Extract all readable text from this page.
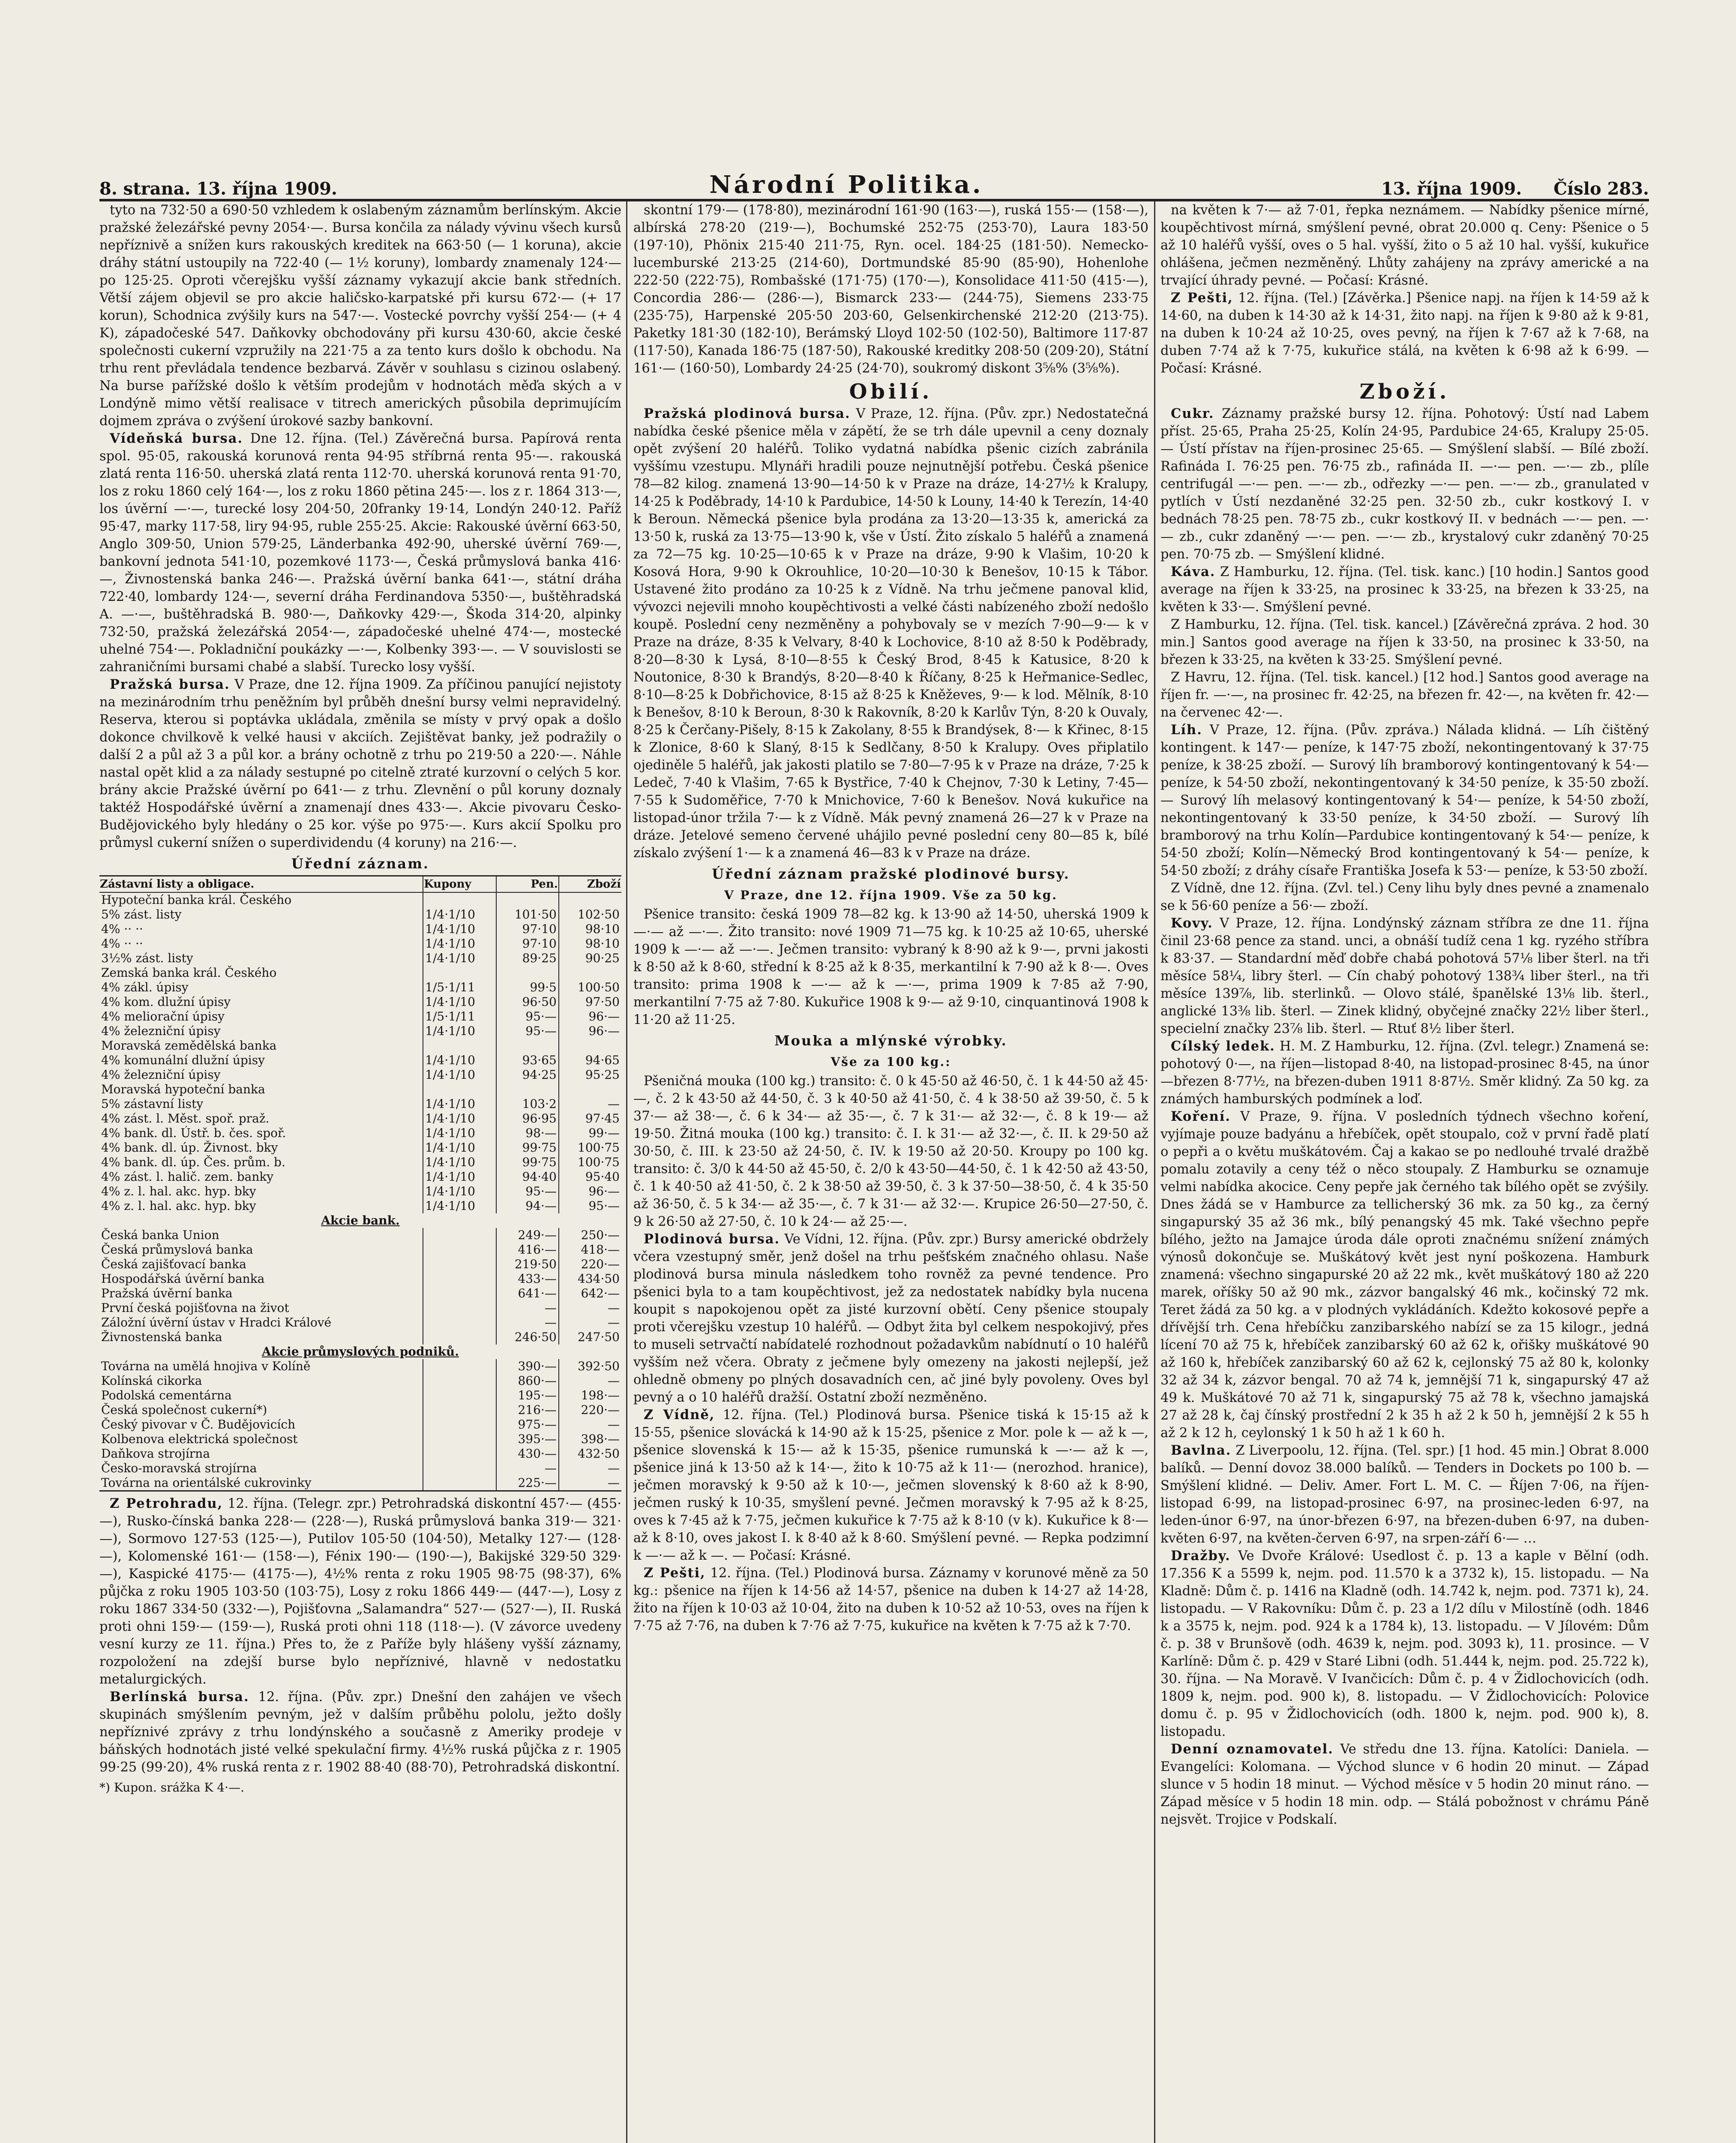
8. strana. 13. října 1909.	Národní Politika.	13. října 1909. Číslo 283.

tyto na 732·50 a 690·50 vzhledem k oslabeným záznamům berlínským. Akcie pražské železářské pevny 2054·—. Bursa končila za nálady vývinu všech kursů nepříznivě a snížen kurs rakouských kreditek na 663·50 (— 1 koruna), akcie dráhy státní ustoupily na 722·40 (— 1½ koruny), lombardy znamenaly 124·— po 125·25. Oproti včerejšku vyšší záznamy vykazují akcie bank středních. Větší zájem objevil se pro akcie haličsko-karpatské při kursu 672·— (+ 17 korun), Schodnica zvýšily kurs na 547·—. Vostecké povrchy vyšší 254·— (+ 4 K), západočeské 547. Daňkovky obchodovány při kursu 430·60, akcie české společnosti cukerní vzpružily na 221·75 a za tento kurs došlo k obchodu. Na trhu rent převládala tendence bezbarvá. Závěr v souhlasu s cizinou oslabený. Na burse pařížské došlo k větším prodejům v hodnotách měďa ských a v Londýně mimo větší realisace v titrech amerických působila deprimujícím dojmem zpráva o zvýšení úrokové sazby bankovní.

Vídeňská bursa. Dne 12. října. (Tel.) Závěrečná bursa. Papírová renta spol. 95·05, rakouská korunová renta 94·95 stříbrná renta 95·—. rakouská zlatá renta 116·50. uherská zlatá renta 112·70. uherská korunová renta 91·70, los z roku 1860 celý 164·—, los z roku 1860 pětina 245·—. los z r. 1864 313·—, los úvěrní —·—, turecké losy 204·50, 20franky 19·14, Londýn 240·12. Paříž 95·47, marky 117·58, liry 94·95, ruble 255·25. Akcie: Rakouské úvěrní 663·50, Anglo 309·50, Union 579·25, Länderbanka 492·90, uherské úvěrní 769·—, bankovní jednota 541·10, pozemkové 1173·—, Česká průmyslová banka 416·—, Živnostenská banka 246·—. Pražská úvěrní banka 641·—, státní dráha 722·40, lombardy 124·—, severní dráha Ferdinandova 5350·—, buštěhradská A. —·—, buštěhradská B. 980·—, Daňkovky 429·—, Škoda 314·20, alpinky 732·50, pražská železářská 2054·—, západočeské uhelné 474·—, mostecké uhelné 754·—. Pokladniční poukázky —·—, Kolbenky 393·—. — V souvislosti se zahraničními bursami chabé a slabší. Turecko losy vyšší.

Pražská bursa. V Praze, dne 12. října 1909. Za příčinou panující nejistoty na mezinárodním trhu peněžním byl průběh dnešní bursy velmi nepravidelný. Reserva, kterou si poptávka ukládala, změnila se místy v prvý opak a došlo dokonce chvilkově k velké hausi v akciích. Zejištěvat banky, jež podražily o další 2 a půl až 3 a půl kor. a brány ochotně z trhu po 219·50 a 220·—. Náhle nastal opět klid a za nálady sestupné po citelně ztraté kurzovní o celých 5 kor. brány akcie Pražské úvěrní po 641·— z trhu. Zlevnění o půl koruny doznaly taktéž Hospodářské úvěrní a znamenají dnes 433·—. Akcie pivovaru Česko-Budějovického byly hledány o 25 kor. výše po 975·—. Kurs akcií Spolku pro průmysl cukerní snížen o superdividendu (4 koruny) na 216·—.

Úřední záznam.
Zástavní listy a obligace.	Kupony	Pen.	Zboží
Hypoteční banka král. Českého			
5% zást. listy	1/4·1/10	101·50	102·50
4% ·· ··	1/4·1/10	97·10	98·10
4% ·· ··	1/4·1/10	97·10	98·10
3½% zást. listy	1/4·1/10	89·25	90·25
Zemská banka král. Českého			
4% zákl. úpisy	1/5·1/11	99·5	100·50
4% kom. dlužní úpisy	1/4·1/10	96·50	97·50
4% meliorační úpisy	1/5·1/11	95·—	96·—
4% železniční úpisy	1/4·1/10	95·—	96·—
Moravská zemědělská banka			
4% komunální dlužní úpisy	1/4·1/10	93·65	94·65
4% železniční úpisy	1/4·1/10	94·25	95·25
Moravská hypoteční banka			
5% zástavní listy	1/4·1/10	103·2	—
4% zást. l. Měst. spoř. praž.	1/4·1/10	96·95	97·45
4% bank. dl. Ústř. b. čes. spoř.	1/4·1/10	98·—	99·—
4% bank. dl. úp. Živnost. bky	1/4·1/10	99·75	100·75
4% bank. dl. úp. Čes. prům. b.	1/4·1/10	99·75	100·75
4% zást. l. halič. zem. banky	1/4·1/10	94·40	95·40
4% z. l. hal. akc. hyp. bky	1/4·1/10	95·—	96·—
4% z. l. hal. akc. hyp. bky	1/4·1/10	94·—	95·—
Akcie bank.			
Česká banka Union		249·—	250·—
Česká průmyslová banka		416·—	418·—
Česká zajišťovací banka		219·50	220·—
Hospodářská úvěrní banka		433·—	434·50
Pražská úvěrní banka		641·—	642·—
První česká pojišťovna na život		—	—
Záložní úvěrní ústav v Hradci Králové		—	—
Živnostenská banka		246·50	247·50
Akcie průmyslových podniků.			
Továrna na umělá hnojiva v Kolíně		390·—	392·50
Kolínská cikorka		860·—	—
Podolská cementárna		195·—	198·—
Česká společnost cukerní*)		216·—	220·—
Český pivovar v Č. Budějovicích		975·—	—
Kolbenova elektrická společnost		395·—	398·—
Daňkova strojírna		430·—	432·50
Česko-moravská strojírna		—	—
Továrna na orientálské cukrovinky		225·—	—

Z Petrohradu, 12. října. (Telegr. zpr.) Petrohradská diskontní 457·— (455·—), Rusko-čínská banka 228·— (228·—), Ruská průmyslová banka 319·— 321·—), Sormovo 127·53 (125·—), Putilov 105·50 (104·50), Metalky 127·— (128·—), Kolomenské 161·— (158·—), Fénix 190·— (190·—), Bakijské 329·50 329·—), Kaspické 4175·— (4175·—), 4½% renta z roku 1905 98·75 (98·37), 6% půjčka z roku 1905 103·50 (103·75), Losy z roku 1866 449·— (447·—), Losy z roku 1867 334·50 (332·—), Pojišťovna „Salamandra“ 527·— (527·—), II. Ruská proti ohni 159·— (159·—), Ruská proti ohni 118 (118·—). (V závorce uvedeny vesní kurzy ze 11. října.) Přes to, že z Paříže byly hlášeny vyšší záznamy, rozpoložení na zdejší burse bylo nepříznivé, hlavně v nedostatku metalurgických.

Berlínská bursa. 12. října. (Pův. zpr.) Dnešní den zahájen ve všech skupinách smýšlením pevným, jež v dalším průběhu pololu, ježto došly nepříznivé zprávy z trhu londýnského a současně z Ameriky prodeje v báňských hodnotách jisté velké spekulační firmy. 4½% ruská půjčka z r. 1905 99·25 (99·20), 4% ruská renta z r. 1902 88·40 (88·70), Petrohradská diskontní.

*) Kupon. srážka K 4·—.

skontní 179·— (178·80), mezinárodní 161·90 (163·—), ruská 155·— (158·—), albírská 278·20 (219·—), Bochumské 252·75 (253·70), Laura 183·50 (197·10), Phönix 215·40 211·75, Ryn. ocel. 184·25 (181·50). Nemecko-lucemburské 213·25 (214·60), Dortmundské 85·90 (85·90), Hohenlohe 222·50 (222·75), Rombašské (171·75) (170·—), Konsolidace 411·50 (415·—), Concordia 286·— (286·—), Bismarck 233·— (244·75), Siemens 233·75 (235·75), Harpenské 205·50 203·60, Gelsenkirchenské 212·20 (213·75). Paketky 181·30 (182·10), Berámský Lloyd 102·50 (102·50), Baltimore 117·87 (117·50), Kanada 186·75 (187·50), Rakouské kreditky 208·50 (209·20), Státní 161·— (160·50), Lombardy 24·25 (24·70), soukromý diskont 3⅝% (3⅝%).

Obilí.

Pražská plodinová bursa. V Praze, 12. října. (Pův. zpr.) Nedostatečná nabídka české pšenice měla v zápětí, že se trh dále upevnil a ceny doznaly opět zvýšení 20 haléřů. Toliko vydatná nabídka pšenic cizích zabránila vyššímu vzestupu. Mlynáři hradili pouze nejnutnější potřebu. Česká pšenice 78—82 kilog. znamená 13·90—14·50 k v Praze na dráze, 14·27½ k Kralupy, 14·25 k Poděbrady, 14·10 k Pardubice, 14·50 k Louny, 14·40 k Terezín, 14·40 k Beroun. Německá pšenice byla prodána za 13·20—13·35 k, americká za 13·50 k, ruská za 13·75—13·90 k, vše v Ústí. Žito získalo 5 haléřů a znamená za 72—75 kg. 10·25—10·65 k v Praze na dráze, 9·90 k Vlašim, 10·20 k Kosová Hora, 9·90 k Okrouhlice, 10·20—10·30 k Benešov, 10·15 k Tábor. Ustavené žito prodáno za 10·25 k z Vídně. Na trhu ječmene panoval klid, vývozci nejevili mnoho koupěchtivosti a velké části nabízeného zboží nedošlo koupě. Poslední ceny nezměněny a pohybovaly se v mezích 7·90—9·— k v Praze na dráze, 8·35 k Velvary, 8·40 k Lochovice, 8·10 až 8·50 k Poděbrady, 8·20—8·30 k Lysá, 8·10—8·55 k Český Brod, 8·45 k Katusice, 8·20 k Noutonice, 8·30 k Brandýs, 8·20—8·40 k Říčany, 8·25 k Heřmanice-Sedlec, 8·10—8·25 k Dobřichovice, 8·15 až 8·25 k Kněževes, 9·— k lod. Mělník, 8·10 k Benešov, 8·10 k Beroun, 8·30 k Rakovník, 8·20 k Karlův Týn, 8·20 k Ouvaly, 8·25 k Čerčany-Pišely, 8·15 k Zakolany, 8·55 k Brandýsek, 8·— k Křinec, 8·15 k Zlonice, 8·60 k Slaný, 8·15 k Sedlčany, 8·50 k Kralupy. Oves připlatilo ojediněle 5 haléřů, jak jakosti platilo se 7·80—7·95 k v Praze na dráze, 7·25 k Ledeč, 7·40 k Vlašim, 7·65 k Bystřice, 7·40 k Chejnov, 7·30 k Letiny, 7·45—7·55 k Sudoměřice, 7·70 k Mnichovice, 7·60 k Benešov. Nová kukuřice na listopad-únor tržila 7·— k z Vídně. Mák pevný znamená 26—27 k v Praze na dráze. Jetelové semeno červené uhájilo pevné poslední ceny 80—85 k, bílé získalo zvýšení 1·— k a znamená 46—83 k v Praze na dráze.

Úřední záznam pražské plodinové bursy.
V Praze, dne 12. října 1909. Vše za 50 kg.

Pšenice transito: česká 1909 78—82 kg. k 13·90 až 14·50, uherská 1909 k —·— až —·—. Žito transito: nové 1909 71—75 kg. k 10·25 až 10·65, uherské 1909 k —·— až —·—. Ječmen transito: vybraný k 8·90 až k 9·—, prvni jakosti k 8·50 až k 8·60, střední k 8·25 až k 8·35, merkantilní k 7·90 až k 8·—. Oves transito: prima 1908 k —·— až k —·—, prima 1909 k 7·85 až 7·90, merkantilní 7·75 až 7·80. Kukuřice 1908 k 9·— až 9·10, cinquantinová 1908 k 11·20 až 11·25.

Mouka a mlýnské výrobky.
Vše za 100 kg.:

Pšeničná mouka (100 kg.) transito: č. 0 k 45·50 až 46·50, č. 1 k 44·50 až 45·—, č. 2 k 43·50 až 44·50, č. 3 k 40·50 až 41·50, č. 4 k 38·50 až 39·50, č. 5 k 37·— až 38·—, č. 6 k 34·— až 35·—, č. 7 k 31·— až 32·—, č. 8 k 19·— až 19·50. Žitná mouka (100 kg.) transito: č. I. k 31·— až 32·—, č. II. k 29·50 až 30·50, č. III. k 23·50 až 24·50, č. IV. k 19·50 až 20·50. Kroupy po 100 kg. transito: č. 3/0 k 44·50 až 45·50, č. 2/0 k 43·50—44·50, č. 1 k 42·50 až 43·50, č. 1 k 40·50 až 41·50, č. 2 k 38·50 až 39·50, č. 3 k 37·50—38·50, č. 4 k 35·50 až 36·50, č. 5 k 34·— až 35·—, č. 7 k 31·— až 32·—. Krupice 26·50—27·50, č. 9 k 26·50 až 27·50, č. 10 k 24·— až 25·—.

Plodinová bursa. Ve Vídni, 12. října. (Pův. zpr.) Bursy americké obdržely včera vzestupný směr, jenž došel na trhu pešťském značného ohlasu. Naše plodinová bursa minula následkem toho rovněž za pevné tendence. Pro pšenici byla to a tam koupěchtivost, jež za nedostatek nabídky byla nucena koupit s napokojenou opět za jisté kurzovní obětí. Ceny pšenice stoupaly proti včerejšku vzestup 10 haléřů. — Odbyt žita byl celkem nespokojivý, přes to museli setrvačtí nabídatelé rozhodnout požadavkům nabídnutí o 10 haléřů vyšším než včera. Obraty z ječmene byly omezeny na jakosti nejlepší, jež ohledně obmeny po plných dosavadních cen, ač jiné byly povoleny. Oves byl pevný a o 10 haléřů dražší. Ostatní zboží nezměněno.

Z Vídně, 12. října. (Tel.) Plodinová bursa. Pšenice tiská k 15·15 až k 15·55, pšenice slovácká k 14·90 až k 15·25, pšenice z Mor. pole k — až k —, pšenice slovenská k 15·— až k 15·35, pšenice rumunská k —·— až k —, pšenice jiná k 13·50 až k 14·—, žito k 10·75 až k 11·— (nerozhod. hranice), ječmen moravský k 9·50 až k 10·—, ječmen slovenský k 8·60 až k 8·90, ječmen ruský k 10·35, smyšlení pevné. Ječmen moravský k 7·95 až k 8·25, oves k 7·45 až k 7·75, ječmen kukuřice k 7·75 až k 8·10 (v k). Kukuřice k 8·— až k 8·10, oves jakost I. k 8·40 až k 8·60. Smýšlení pevné. — Repka podzimní k —·— až k —. — Počasí: Krásné.

Z Pešti, 12. října. (Tel.) Plodinová bursa. Záznamy v korunové měně za 50 kg.: pšenice na říjen k 14·56 až 14·57, pšenice na duben k 14·27 až 14·28, žito na říjen k 10·03 až 10·04, žito na duben k 10·52 až 10·53, oves na říjen k 7·75 až 7·76, na duben k 7·76 až 7·75, kukuřice na květen k 7·75 až k 7·70.

na květen k 7·— až 7·01, řepka neznámem. — Nabídky pšenice mírné, koupěchtivost mírná, smýšlení pevné, obrat 20.000 q. Ceny: Pšenice o 5 až 10 haléřů vyšší, oves o 5 hal. vyšší, žito o 5 až 10 hal. vyšší, kukuřice ohlášena, ječmen nezměněný. Lhůty zahájeny na zprávy americké a na trvající úhrady pevné. — Počasí: Krásné.

Z Pešti, 12. října. (Tel.) [Závěrka.] Pšenice napj. na říjen k 14·59 až k 14·60, na duben k 14·30 až k 14·31, žito napj. na říjen k 9·80 až k 9·81, na duben k 10·24 až 10·25, oves pevný, na říjen k 7·67 až k 7·68, na duben 7·74 až k 7·75, kukuřice stálá, na květen k 6·98 až k 6·99. — Počasí: Krásné.

Zboží.

Cukr. Záznamy pražské bursy 12. října. Pohotový: Ústí nad Labem příst. 25·65, Praha 25·25, Kolín 24·95, Pardubice 24·65, Kralupy 25·05. — Ústí přístav na říjen-prosinec 25·65. — Smýšlení slabší. — Bílé zboží. Rafináda I. 76·25 pen. 76·75 zb., rafináda II. —·— pen. —·— zb., plíle centrifugál —·— pen. —·— zb., odřezky —·— pen. —·— zb., granulated v pytlích v Ústí nezdaněné 32·25 pen. 32·50 zb., cukr kostkový I. v bednách 78·25 pen. 78·75 zb., cukr kostkový II. v bednách —·— pen. —·— zb., cukr zdaněný —·— pen. —·— zb., krystalový cukr zdaněný 70·25 pen. 70·75 zb. — Smýšlení klidné.

Káva. Z Hamburku, 12. října. (Tel. tisk. kanc.) [10 hodin.] Santos good average na říjen k 33·25, na prosinec k 33·25, na březen k 33·25, na květen k 33·—. Smýšlení pevné.

Z Hamburku, 12. října. (Tel. tisk. kancel.) [Závěrečná zpráva. 2 hod. 30 min.] Santos good average na říjen k 33·50, na prosinec k 33·50, na březen k 33·25, na květen k 33·25. Smýšlení pevné.

Z Havru, 12. října. (Tel. tisk. kancel.) [12 hod.] Santos good average na říjen fr. —·—, na prosinec fr. 42·25, na březen fr. 42·—, na květen fr. 42·— na červenec 42·—.

Líh. V Praze, 12. října. (Pův. zpráva.) Nálada klidná. — Líh čištěný kontingent. k 147·— peníze, k 147·75 zboží, nekontingentovaný k 37·75 peníze, k 38·25 zboží. — Surový líh bramborový kontingentovaný k 54·— peníze, k 54·50 zboží, nekontingentovaný k 34·50 peníze, k 35·50 zboží. — Surový líh melasový kontingentovaný k 54·— peníze, k 54·50 zboží, nekontingentovaný k 33·50 peníze, k 34·50 zboží. — Surový líh bramborový na trhu Kolín—Pardubice kontingentovaný k 54·— peníze, k 54·50 zboží; Kolín—Německý Brod kontingentovaný k 54·— peníze, k 54·50 zboží; z dráhy císaře Františka Josefa k 53·— peníze, k 53·50 zboží.

Z Vídně, dne 12. října. (Zvl. tel.) Ceny lihu byly dnes pevné a znamenalo se k 56·60 peníze a 56·— zboží.

Kovy. V Praze, 12. října. Londýnský záznam stříbra ze dne 11. října činil 23·68 pence za stand. unci, a obnáší tudíž cena 1 kg. ryzého stříbra k 83·37. — Standardní měď dobře chabá pohotová 57⅛ liber šterl. na tři měsíce 58¼, libry šterl. — Cín chabý pohotový 138¾ liber šterl., na tři měsíce 139⅞, lib. sterlinků. — Olovo stálé, španělské 13⅛ lib. šterl., anglické 13⅜ lib. šterl. — Zinek klidný, obyčejné značky 22½ liber šterl., specielní značky 23⅞ lib. šterl. — Rtuť 8½ liber šterl.

Cílský ledek. H. M. Z Hamburku, 12. října. (Zvl. telegr.) Znamená se: pohotový 0·—, na říjen—listopad 8·40, na listopad-prosinec 8·45, na únor—březen 8·77½, na březen-duben 1911 8·87½. Směr klidný. Za 50 kg. za známých hamburských podmínek a loď.

Koření. V Praze, 9. října. V posledních týdnech všechno koření, vyjímaje pouze badyánu a hřebíček, opět stoupalo, což v první řadě platí o pepři a o květu muškátovém. Čaj a kakao se po nedlouhé trvalé dražbě pomalu zotavily a ceny též o něco stoupaly. Z Hamburku se oznamuje velmi nabídka akocice. Ceny pepře jak černého tak bílého opět se zvýšily. Dnes žádá se v Hamburce za tellicherský 36 mk. za 50 kg., za černý singapurský 35 až 36 mk., bílý penangský 45 mk. Také všechno pepře bílého, ježto na Jamajce úroda dále oproti značnému snížení známých výnosů dokončuje se. Muškátový květ jest nyní poškozena. Hamburk znamená: všechno singapurské 20 až 22 mk., květ muškátový 180 až 220 marek, oříšky 50 až 90 mk., zázvor bangalský 46 mk., kočinský 72 mk. Teret žádá za 50 kg. a v plodných vykládáních. Kdežto kokosové pepře a dřívější trh. Cena hřebíčku zanzibarského nabízí se za 15 kilogr., jedná lícení 70 až 75 k, hřebíček zanzibarský 60 až 62 k, ořišky muškátové 90 až 160 k, hřebíček zanzibarský 60 až 62 k, cejlonský 75 až 80 k, kolonky 32 až 34 k, zázvor bengal. 70 až 74 k, jemnější 71 k, singapurský 47 až 49 k. Muškátové 70 až 71 k, singapurský 75 až 78 k, všechno jamajská 27 až 28 k, čaj čínský prostřední 2 k 35 h až 2 k 50 h, jemnější 2 k 55 h až 2 k 12 h, ceylonský 1 k 50 h až 1 k 60 h.

Bavlna. Z Liverpoolu, 12. října. (Tel. spr.) [1 hod. 45 min.] Obrat 8.000 balíků. — Denní dovoz 38.000 balíků. — Tenders in Dockets po 100 b. — Smýšlení klidné. — Deliv. Amer. Fort L. M. C. — Říjen 7·06, na říjen-listopad 6·99, na listopad-prosinec 6·97, na prosinec-leden 6·97, na leden-únor 6·97, na únor-březen 6·97, na březen-duben 6·97, na duben-květen 6·97, na květen-červen 6·97, na srpen-září 6·— …

Dražby. Ve Dvoře Králové: Usedlost č. p. 13 a kaple v Bělní (odh. 17.356 K a 5599 k, nejm. pod. 11.570 k a 3732 k), 15. listopadu. — Na Kladně: Dům č. p. 1416 na Kladně (odh. 14.742 k, nejm. pod. 7371 k), 24. listopadu. — V Rakovníku: Dům č. p. 23 a 1/2 dílu v Milostíně (odh. 1846 k a 3575 k, nejm. pod. 924 k a 1784 k), 13. listopadu. — V Jílovém: Dům č. p. 38 v Brunšově (odh. 4639 k, nejm. pod. 3093 k), 11. prosince. — V Karlíně: Dům č. p. 429 v Staré Libni (odh. 51.444 k, nejm. pod. 25.722 k), 30. října. — Na Moravě. V Ivančicích: Dům č. p. 4 v Židlochovicích (odh. 1809 k, nejm. pod. 900 k), 8. listopadu. — V Židlochovicích: Polovice domu č. p. 95 v Židlochovicích (odh. 1800 k, nejm. pod. 900 k), 8. listopadu.

Denní oznamovatel. Ve středu dne 13. října. Katolíci: Daniela. — Evangelíci: Kolomana. — Východ slunce v 6 hodin 20 minut. — Západ slunce v 5 hodin 18 minut. — Východ měsíce v 5 hodin 20 minut ráno. — Západ měsíce v 5 hodin 18 min. odp. — Stálá pobožnost v chrámu Páně nejsvět. Trojice v Podskalí.
